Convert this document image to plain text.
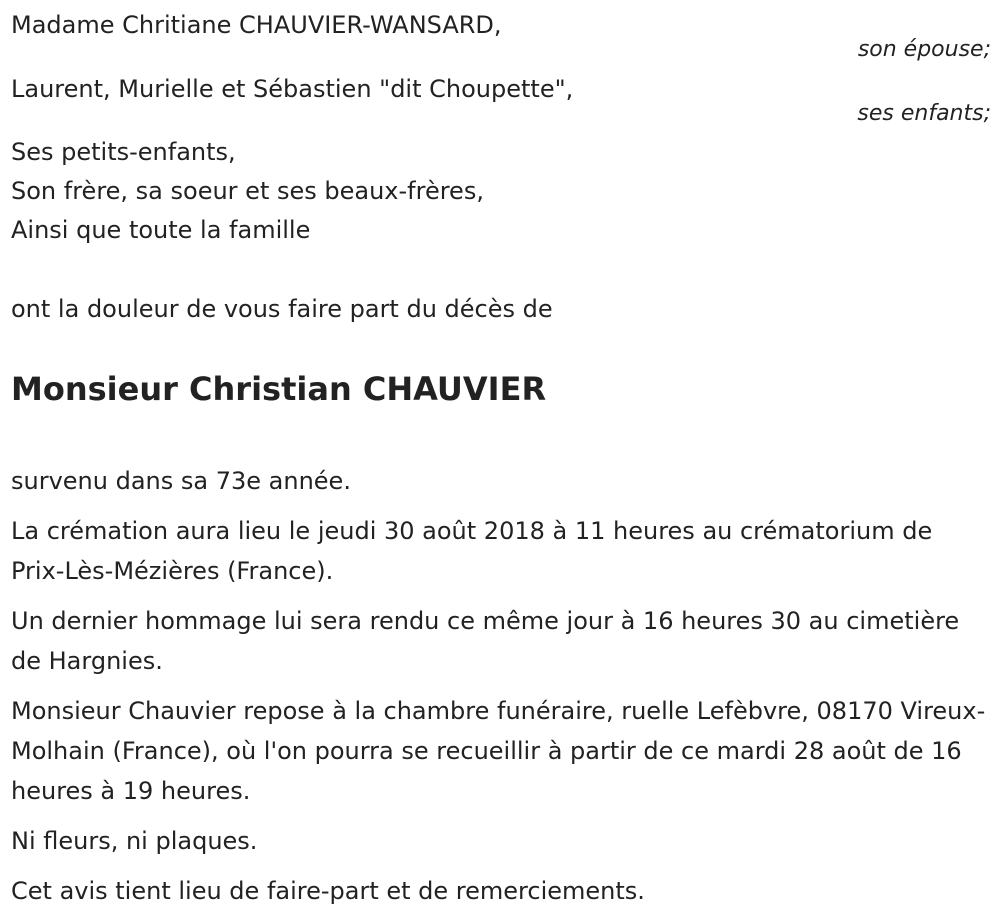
Madame Chritiane CHAUVIER-WANSARD,
son épouse;
Laurent, Murielle et Sébastien "dit Choupette",
ses enfants;
Ses petits-enfants,
Son frère, sa soeur et ses beaux-frères,
Ainsi que toute la famille
ont la douleur de vous faire part du décès de
Monsieur Christian CHAUVIER

survenu dans sa 73e année.

La crémation aura lieu le jeudi 30 août 2018 à 11 heures au crématorium de Prix-Lès-Mézières (France).

Un dernier hommage lui sera rendu ce même jour à 16 heures 30 au cimetière de Hargnies.

Monsieur Chauvier repose à la chambre funéraire, ruelle Lefèbvre, 08170 Vireux-Molhain (France), où l'on pourra se recueillir à partir de ce mardi 28 août de 16 heures à 19 heures.

Ni fleurs, ni plaques.

Cet avis tient lieu de faire-part et de remerciements.
